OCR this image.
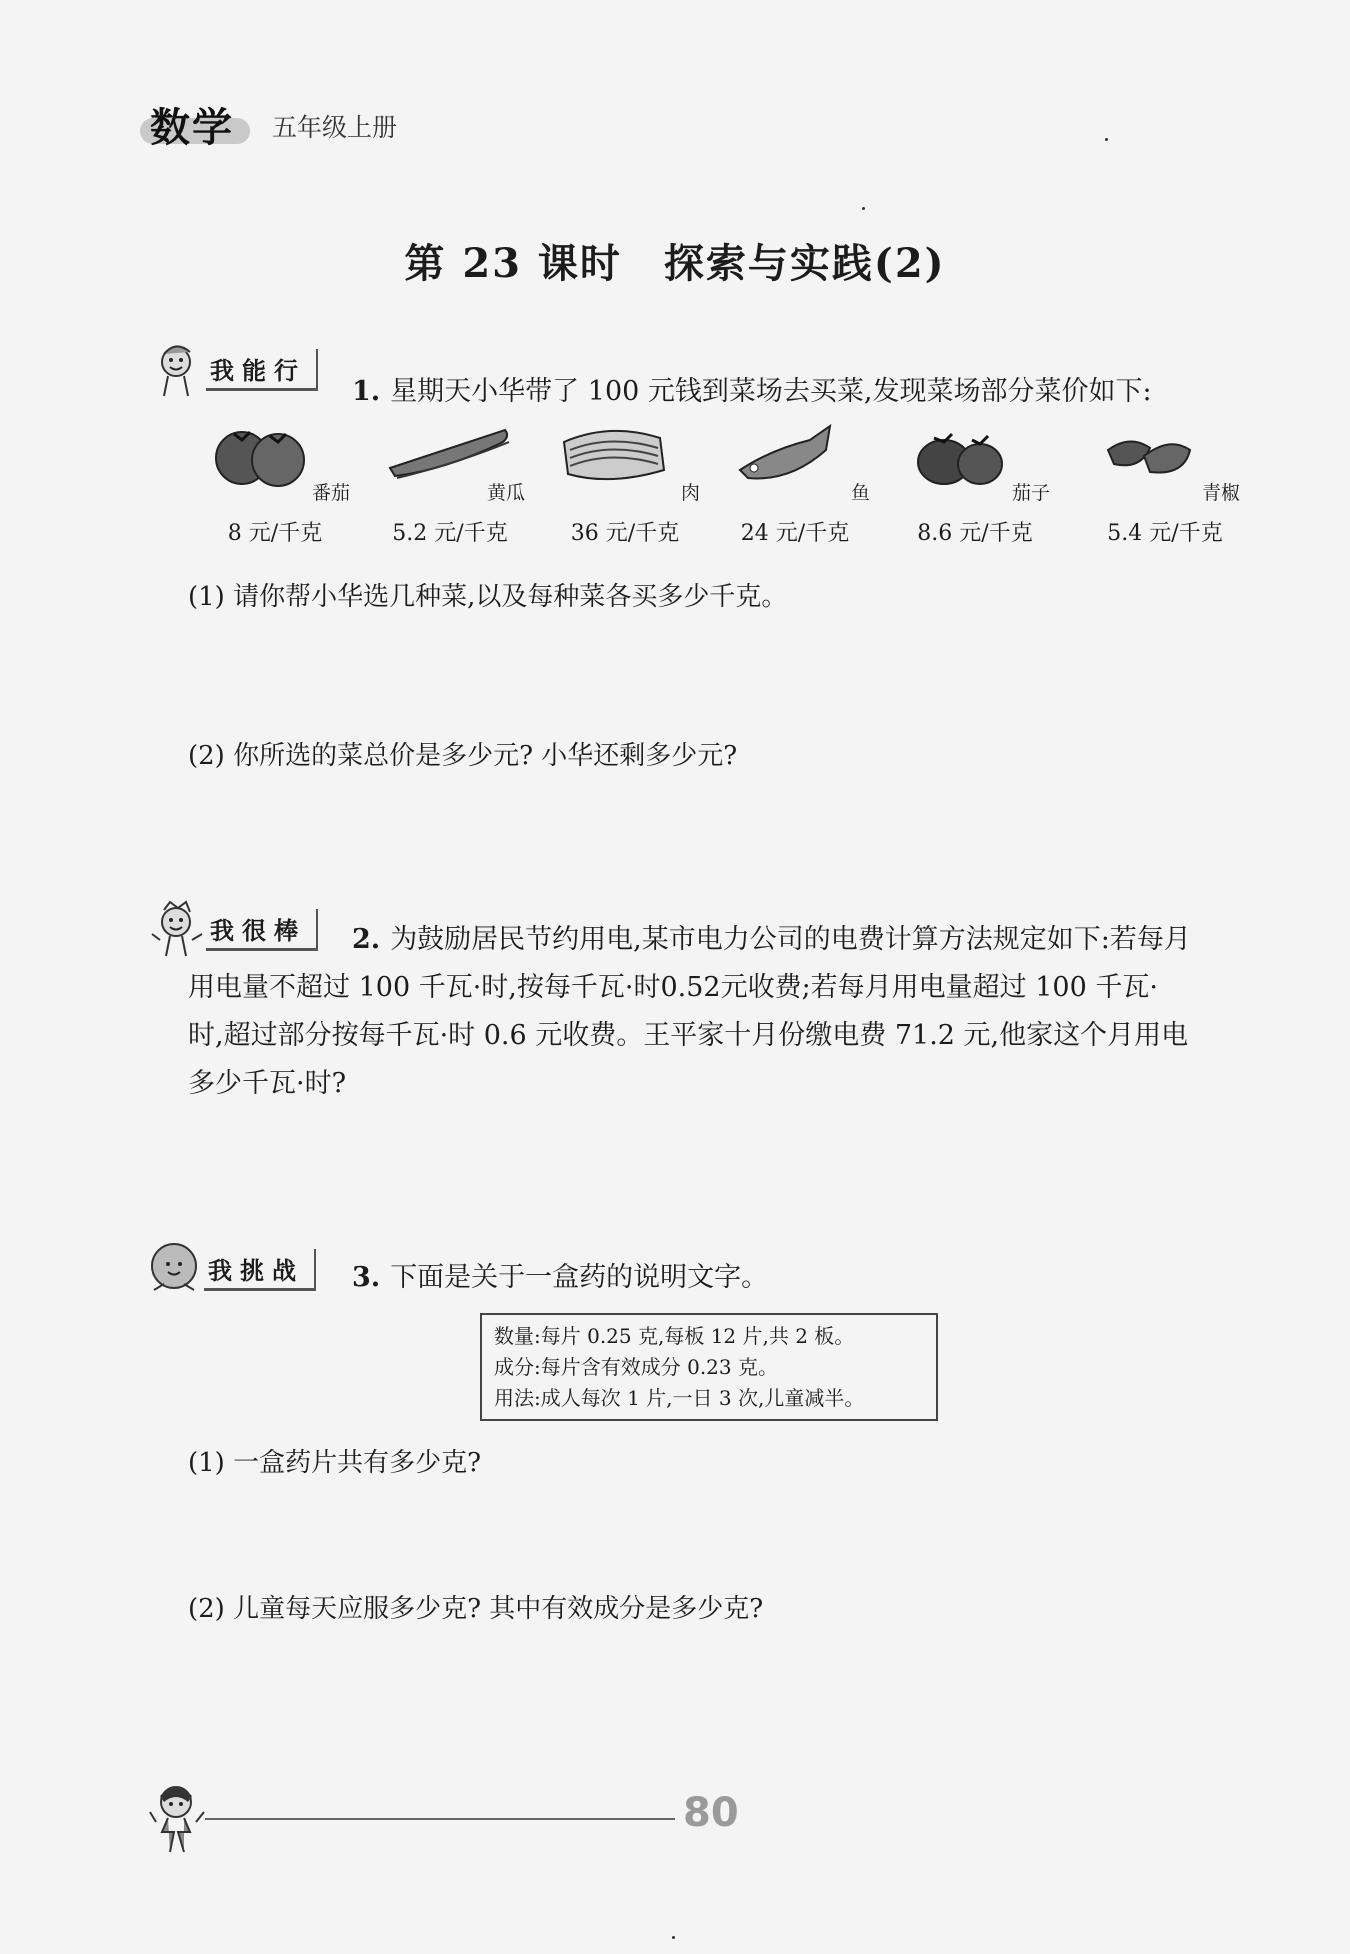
数学 五年级上册
第 23 课时　探索与实践(2)
我能行
1. 星期天小华带了 100 元钱到菜场去买菜,发现菜场部分菜价如下:
番茄
8 元/千克
黄瓜
5.2 元/千克
肉
36 元/千克
鱼
24 元/千克
茄子
8.6 元/千克
青椒
5.4 元/千克
(1) 请你帮小华选几种菜,以及每种菜各买多少千克。
(2) 你所选的菜总价是多少元? 小华还剩多少元?
我很棒	2. 为鼓励居民节约用电,某市电力公司的电费计算方法规定如下:若每月
用电量不超过 100 千瓦·时,按每千瓦·时0.52元收费;若每月用电量超过 100 千瓦·
时,超过部分按每千瓦·时 0.6 元收费。王平家十月份缴电费 71.2 元,他家这个月用电
多少千瓦·时?
我挑战	3. 下面是关于一盒药的说明文字。
数量:每片 0.25 克,每板 12 片,共 2 板。
成分:每片含有效成分 0.23 克。
用法:成人每次 1 片,一日 3 次,儿童减半。
(1) 一盒药片共有多少克?
(2) 儿童每天应服多少克? 其中有效成分是多少克?
80
